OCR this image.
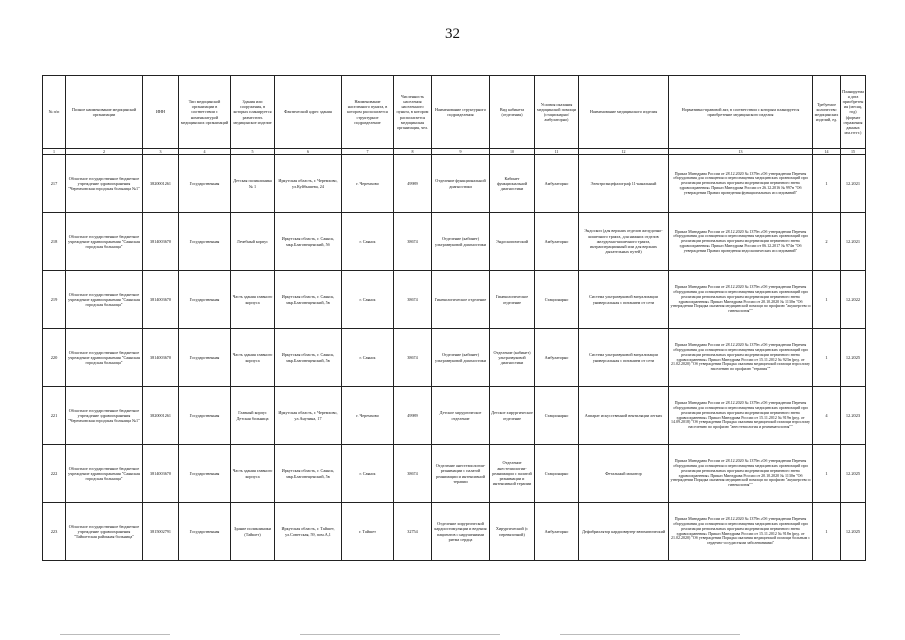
32
№ п/п	Полное наименование медицинской организации	ИНН	Тип медицинской организации в соответствии с номенклатурой медицинских организаций	Здания или сооружения, в которых планируется разместить медицинское изделие	Фактический адрес здания	Наименование населенного пункта, в котором располагается структурное подразделение	Численность населения населенного пункта, в котором располагается медицинская организация, чел.	Наименование структурного подразделения	Вид кабинета (отделения)	Условия оказания медицинской помощи (стационарно/амбулаторно)	Наименование медицинского изделия	Нормативно-правовой акт, в соответствии с которым планируется приобретение медицинского изделия	Требуемое количество медицинских изделий, ед.	Планируемая дата приобретения (месяц, год) (формат отражения данных мм.ггггг.)
1	2	3	4	5	6	7	8	9	10	11	12	13	14	15
217	Областное государственное бюджетное учреждение здравоохранения "Черемховская городская больница №1"	3820001261	Государственная	Детская поликлиника № 1	Иркутская область, г. Черемхово, ул.Куйбышева, 24	г. Черемхово	49989	Отделение функциональной диагностики	Кабинет функциональной диагностики	Амбулаторно	Электроэнцефалограф 11-канальный	Приказ Минздрава России от 28.12.2020 № 1379н «Об утверждении Перечня оборудования для оснащения и переоснащения медицинских организаций при реализации региональных программ модернизации первичного звена здравоохранения» Приказ Минздрава России от 26.12.2016 № 997н "Об утверждении Правил проведения функциональных исследований"	1	12.2021
218	Областное государственное бюджетное учреждение здравоохранения "Саянская городская больница"	3814003670	Государственная	Лечебный корпус	Иркутская область, г. Саянск, мкр.Благовещенский, 5б	г. Саянск	38674	Отделение (кабинет) ультразвуковой диагностики	Эндоскопический	Амбулаторно	Эндоскоп (для верхних отделов желудочно-кишечного тракта, для нижних отделов желудочно-кишечного тракта, интраоперационный или для верхних дыхательных путей)	Приказ Минздрава России от 28.12.2020 № 1379н «Об утверждении Перечня оборудования для оснащения и переоснащения медицинских организаций при реализации региональных программ модернизации первичного звена здравоохранения» Приказ Минздрава России от 06.12.2017 № 974н "Об утверждении Правил проведения эндоскопических исследований"	2	12.2021
219	Областное государственное бюджетное учреждение здравоохранения "Саянская городская больница"	3814003670	Государственная	Часть здания главного корпуса	Иркутская область, г. Саянск, мкр.Благовещенский, 5в	г. Саянск	38674	Гинекологическое отделение	Гинекологическое отделение	Стационарно	Система ультразвуковой визуализации универсальная с питанием от сети	Приказ Минздрава России от 28.12.2020 № 1379н «Об утверждении Перечня оборудования для оснащения и переоснащения медицинских организаций при реализации региональных программ модернизации первичного звена здравоохранения» Приказ Минздрава России от 20.10.2020 № 1130н "Об утверждении Порядка оказания медицинской помощи по профилю "акушерство и гинекология""	1	12.2022
220	Областное государственное бюджетное учреждение здравоохранения "Саянская городская больница"	3814003670	Государственная	Часть здания главного корпуса	Иркутская область, г. Саянск, мкр.Благовещенский, 5в	г. Саянск	38674	Отделение (кабинет) ультразвуковой диагностики	Отделение (кабинет) ультразвуковой диагностики	Амбулаторно	Система ультразвуковой визуализации универсальная с питанием от сети	Приказ Минздрава России от 28.12.2020 № 1379н «Об утверждении Перечня оборудования для оснащения и переоснащения медицинских организаций при реализации региональных программ модернизации первичного звена здравоохранения» Приказ Минздрава России от 15.11.2012 № 923н (ред. от 21.02.2020) "Об утверждении Порядка оказания медицинской помощи взрослому населению по профилю "терапия""	1	12.2025
221	Областное государственное бюджетное учреждение здравоохранения "Черемховская городская больница №1"	3820001261	Государственная	Главный корпус Детская больница	Иркутская область, г. Черемхово, ул.Анучина, 17	г. Черемхово	49989	Детское хирургическое отделение	Детское хирургическое отделение	Стационарно	Аппарат искусственной вентиляции легких	Приказ Минздрава России от 28.12.2020 № 1379н «Об утверждении Перечня оборудования для оснащения и переоснащения медицинских организаций при реализации региональных программ модернизации первичного звена здравоохранения» Приказ Минздрава России от 15.11.2012 № 919н (ред. от 14.09.2018) "Об утверждении Порядка оказания медицинской помощи взрослому населению по профилю "анестезиология и реаниматология""	4	12.2023
222	Областное государственное бюджетное учреждение здравоохранения "Саянская городская больница"	3814003670	Государственная	Часть здания главного корпуса	Иркутская область, г. Саянск, мкр.Благовещенский, 5в	г. Саянск	38674	Отделение анестезиологии-реанимации с палатой реанимации и интенсивной терапии	Отделение анестезиологии-реанимации с палатой реанимации и интенсивной терапии	Стационарно	Фетальный монитор	Приказ Минздрава России от 28.12.2020 № 1379н «Об утверждении Перечня оборудования для оснащения и переоснащения медицинских организаций при реализации региональных программ модернизации первичного звена здравоохранения» Приказ Минздрава России от 20.10.2020 № 1130н "Об утверждении Порядка оказания медицинской помощи по профилю "акушерство и гинекология""	1	12.2025
223	Областное государственное бюджетное учреждение здравоохранения "Тайшетская районная больница"	3815002791	Государственная	Здание поликлиники (Тайшет)	Иркутская область, г. Тайшет, ул.Советская, 59, пом.А,1	г. Тайшет	32754	Отделение хирургической кардиостимуляции и ведения пациентов с нарушениями ритма сердца	Хирургический (с перевязочной)	Амбулаторно	Дефибриллятор кардиовертер-автоматический	Приказ Минздрава России от 28.12.2020 № 1379н «Об утверждении Перечня оборудования для оснащения и переоснащения медицинских организаций при реализации региональных программ модернизации первичного звена здравоохранения» Приказ Минздрава России от 15.11.2012 № 918н (ред. от 21.02.2020) "Об утверждении Порядка оказания медицинской помощи больным с сердечно-сосудистыми заболеваниями"	1	12.2025
